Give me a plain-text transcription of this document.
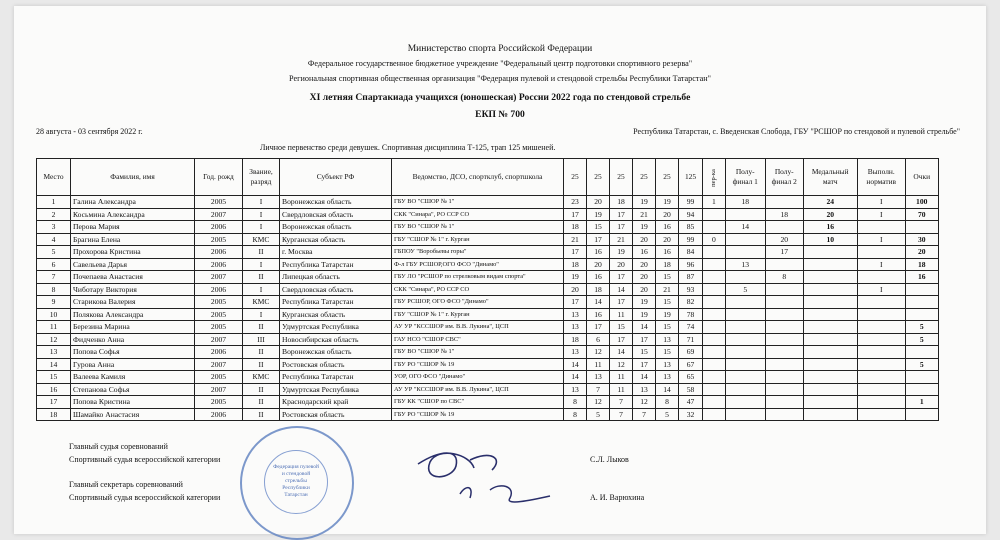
Министерство спорта Российской Федерации
Федеральное государственное бюджетное учреждение "Федеральный центр подготовки спортивного резерва"
Региональная спортивная общественная организация "Федерация пулевой и стендовой стрельбы Республики Татарстан"
XI летняя Спартакиада учащихся (юношеская) России 2022 года по стендовой стрельбе
ЕКП № 700
28 августа - 03 сентября 2022 г.	Республика Татарстан, с. Введенская Слобода, ГБУ "РСШОР по стендовой и пулевой стрельбе"
Личное первенство среди девушек. Спортивная дисциплина Т-125, трап 125 мишеней.
Место	Фамилия, имя	Год. рожд	Звание, разряд	Субъект РФ	Ведомство, ДСО, спортклуб, спортшкола	25	25	25	25	25	125	пер-ка	Полу-финал 1	Полу-финал 2	Медальный матч	Выполн. норматив	Очки
1	Галина Александра	2005	I	Воронежская область	ГБУ ВО "СШОР № 1"	23	20	18	19	19	99	1	18		24	I	100
2	Косьмина Александра	2007	I	Свердловская область	СКК "Синара", РО ССР СО	17	19	17	21	20	94			18	20	I	70
3	Перова Мария	2006	I	Воронежская область	ГБУ ВО "СШОР № 1"	18	15	17	19	16	85		14		16		
4	Брагина Елена	2005	КМС	Курганская область	ГБУ "СШОР № 1" г. Курган	21	17	21	20	20	99	0		20	10	I	30
5	Прохорова Кристина	2006	II	г. Москва	ГБПОУ "Воробьевы горы"	17	16	19	16	16	84			17			20
6	Савельева Дарья	2006	I	Республика Татарстан	Ф-л ГБУ РСШОР,ОГО ФСО "Динамо"	18	20	20	20	18	96		13			I	18
7	Почепаева Анастасия	2007	II	Липецкая область	ГБУ ЛО "РСШОР по стрелковым видам спорта"	19	16	17	20	15	87			8			16
8	Чиботару Виктория	2006	I	Свердловская область	СКК "Синара", РО ССР СО	20	18	14	20	21	93		5			I	
9	Старикова Валерия	2005	КМС	Республика Татарстан	ГБУ РСШОР, ОГО ФСО "Динамо"	17	14	17	19	15	82						
10	Полякова Александра	2005	I	Курганская область	ГБУ "СШОР № 1" г. Курган	13	16	11	19	19	78						
11	Березина Марина	2005	II	Удмуртская Республика	АУ УР "КССШОР им. В.В. Лукина", ЦСП	13	17	15	14	15	74						5
12	Фидченко Анна	2007	III	Новосибирская область	ГАУ НСО "СШОР СВС"	18	6	17	17	13	71						5
13	Попова Софья	2006	II	Воронежская область	ГБУ ВО "СШОР № 1"	13	12	14	15	15	69						
14	Гурова Анна	2007	II	Ростовская область	ГБУ РО "СШОР № 19	14	11	12	17	13	67						5
15	Валеева Камиля	2005	КМС	Республика Татарстан	УОР, ОГО ФСО "Динамо"	14	13	11	14	13	65						
16	Степанова Софья	2007	II	Удмуртская Республика	АУ УР "КССШОР им. В.В. Лукина", ЦСП	13	7	11	13	14	58						
17	Попова Кристина	2005	II	Краснодарский край	ГБУ КК "СШОР по СВС"	8	12	7	12	8	47						1
18	Шамайко Анастасия	2006	II	Ростовская область	ГБУ РО "СШОР № 19	8	5	7	7	5	32						
Федерация пулевой и стендовой стрельбы Республики Татарстан
Главный судья соревнований
Спортивный судья всероссийской категории	С.Л. Лыков
Главный секретарь соревнований
Спортивный судья всероссийской категории	А. И. Варюхина
